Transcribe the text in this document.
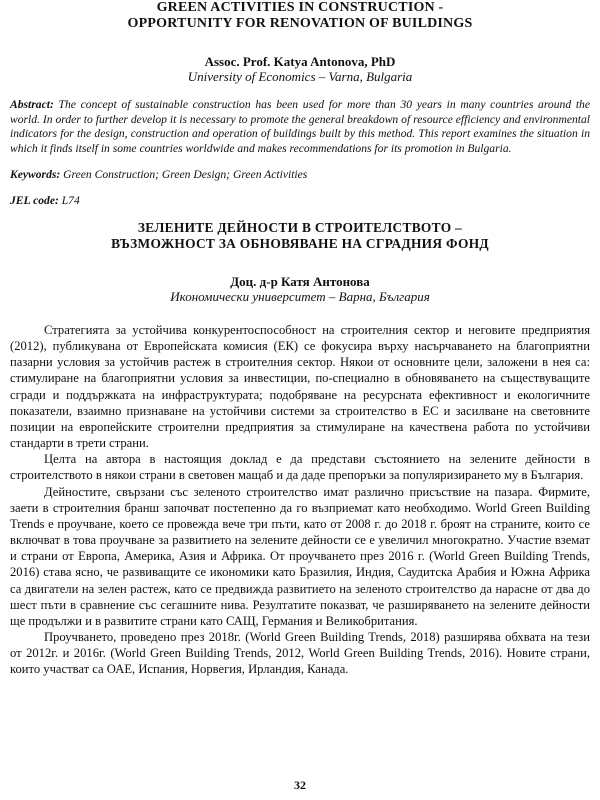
GREEN ACTIVITIES IN CONSTRUCTION -
OPPORTUNITY FOR RENOVATION OF BUILDINGS

Assoc. Prof. Katya Antonova, PhD

University of Economics – Varna, Bulgaria

Abstract: The concept of sustainable construction has been used for more than 30 years in many countries around the world. In order to further develop it is necessary to promote the general breakdown of resource efficiency and environmental indicators for the design, construction and operation of buildings built by this method. This report examines the situation in which it finds itself in some countries worldwide and makes recommendations for its promotion in Bulgaria.

Keywords: Green Construction; Green Design; Green Activities

JEL code: L74

ЗЕЛЕНИТЕ ДЕЙНОСТИ В СТРОИТЕЛСТВОТО –
ВЪЗМОЖНОСТ ЗА ОБНОВЯВАНЕ НА СГРАДНИЯ ФОНД

Доц. д-р Катя Антонова

Икономически университет – Варна, България

Стратегията за устойчива конкурентоспособност на строителния сектор и неговите предприятия (2012), публикувана от Европейската комисия (ЕК) се фокусира върху насърчаването на благоприятни пазарни условия за устойчив растеж в строителния сектор. Някои от основните цели, заложени в нея са: стимулиране на благоприятни условия за инвестиции, по-специално в обновяването на съществуващите сгради и поддържката на инфраструктурата; подобряване на ресурсната ефективност и екологичните показатели, взаимно признаване на устойчиви системи за строителство в ЕС и засилване на световните позиции на европейските строителни предприятия за стимулиране на качествена работа по устойчиви стандарти в трети страни.

Целта на автора в настоящия доклад е да представи състоянието на зелените дейности в строителството в някои страни в световен мащаб и да даде препоръки за популяризирането му в България.

Дейностите, свързани със зеленото строителство имат различно присъствие на пазара. Фирмите, заети в строителния бранш започват постепенно да го възприемат като необходимо. World Green Building Trends е проучване, което се провежда вече три пъти, като от 2008 г. до 2018 г. броят на страните, които се включват в това проучване за развитието на зелените дейности се е увеличил многократно. Участие вземат и страни от Европа, Америка, Азия и Африка. От проучването през 2016 г. (World Green Building Trends, 2016) става ясно, че развиващите се икономики като Бразилия, Индия, Саудитска Арабия и Южна Африка са двигатели на зелен растеж, като се предвижда развитието на зеленото строителство да нарасне от два до шест пъти в сравнение със сегашните нива. Резултатите показват, че разширяването на зелените дейности ще продължи и в развитите страни като САЩ, Германия и Великобритания.

Проучването, проведено през 2018г. (World Green Building Trends, 2018) разширява обхвата на тези от 2012г. и 2016г. (World Green Building Trends, 2012, World Green Building Trends, 2016). Новите страни, които участват са ОАЕ, Испания, Норвегия, Ирландия, Канада.

32
